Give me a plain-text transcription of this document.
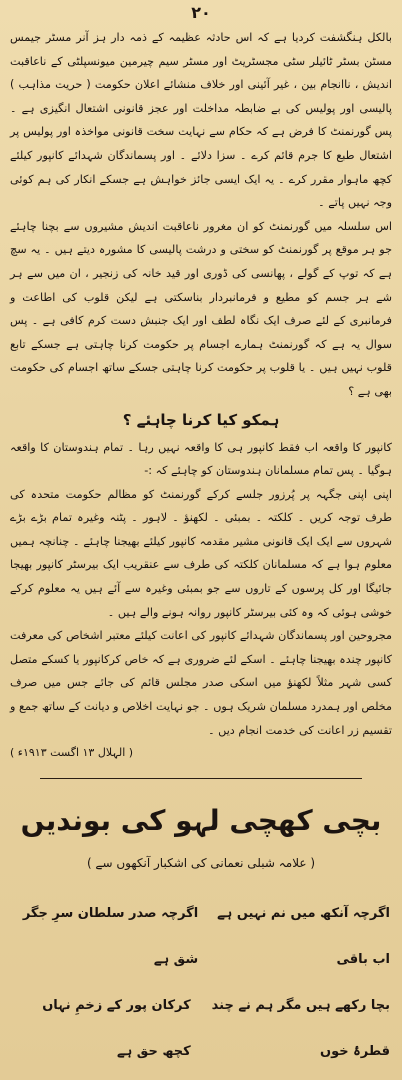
۲۰

بالکل ہنگشفت کردیا ہے کہ اس حادثہ عظیمہ کے ذمہ دار ہز آنر مسٹر جیمس مسٹن بسٹر ٹائیلر سٹی مجسٹریٹ اور مسٹر سیم چیرمین میونسپلٹی کے ناعاقبت اندیش ، ناانجام بین ، غیر آئینی اور خلاف منشائے اعلان حکومت ( حریت مذاہب ) پالیسی اور پولیس کی بے ضابطہ مداخلت اور عجز قانونی اشتعال انگیزی ہے ۔ پس گورنمنٹ کا فرض ہے کہ حکام سے نہایت سخت قانونی مواخذہ اور پولیس پر اشتعال طبع کا جرم قائم کرے ۔ سزا دلائے ۔ اور پسماندگان شہدائے کانپور کیلئے کچھ ماہوار مقرر کرے ۔ یہ ایک ایسی جائز خواہش ہے جسکے انکار کی ہم کوئی وجہ نہیں پاتے ۔

اس سلسلہ میں گورنمنٹ کو ان مغرور ناعاقبت اندیش مشیروں سے بچنا چاہئے جو ہر موقع پر گورنمنٹ کو سختی و درشت پالیسی کا مشورہ دیتے ہیں ۔ یہ سچ ہے کہ توپ کے گولے ، پھانسی کی ڈوری اور قید خانہ کی زنجیر ، ان میں سے ہر شے ہر جسم کو مطیع و فرمانبردار بناسکتی ہے لیکن قلوب کی اطاعت و فرمانبری کے لئے صرف ایک نگاہ لطف اور ایک جنبش دست کرم کافی ہے ۔ پس سوال یہ ہے کہ گورنمنٹ ہمارے اجسام پر حکومت کرنا چاہتی ہے جسکے تابع قلوب نہیں ہیں ۔ یا قلوب پر حکومت کرنا چاہتی جسکے ساتھ اجسام کی حکومت بھی ہے ؟

ہمکو کیا کرنا چاہئے ؟

کانپور کا واقعہ اب فقط کانپور ہی کا واقعہ نہیں رہا ۔ تمام ہندوستان کا واقعہ ہوگیا ۔ پس تمام مسلمانان ہندوستان کو چاہئے کہ :-

اپنی اپنی جگہہ پر پُرزور جلسے کرکے گورنمنٹ کو مظالم حکومت متحدہ کی طرف توجہ کریں ۔ کلکتہ ۔ بمبئی ۔ لکھنؤ ۔ لاہور ۔ پٹنہ وغیرہ تمام بڑے بڑے شہروں سے ایک ایک قانونی مشیر مقدمہ کانپور کیلئے بھیجنا چاہئے ۔ چنانچہ ہمیں معلوم ہوا ہے کہ مسلمانان کلکتہ کی طرف سے عنقریب ایک بیرسٹر کانپور بھیجا جائیگا اور کل پرسوں کے تاروں سے جو بمبئی وغیرہ سے آئے ہیں یہ معلوم کرکے خوشی ہوئی کہ وہ کئی بیرسٹر کانپور روانہ ہونے والے ہیں ۔

مجروحین اور پسماندگان شہدائے کانپور کی اعانت کیلئے معتبر اشخاص کی معرفت کانپور چندہ بھیجنا چاہئے ۔ اسکے لئے ضروری ہے کہ خاص کرکانپور یا کسکے متصل کسی شہر مثلاً لکھنؤ میں اسکی صدر مجلس قائم کی جائے جس میں صرف مخلص اور ہمدرد مسلمان شریک ہوں ۔ جو نہایت اخلاص و دیانت کے ساتھ جمع و تقسیم زر اعانت کی خدمت انجام دیں ۔

( الہلال ۱۳ اگست ۱۹۱۳ء )
بچی کھچی لہو کی بوندیں
( علامہ شبلی نعمانی کی اشکبار آنکھوں سے )
اگرچہ آنکھ میں نم نہیں ہے اب باقی
اگرچہ صدر سلطان سرِ جگر شق ہے
بچا رکھے ہیں مگر ہم نے چند قطرۂ خوں
کرکان پور کے زخمِ نہاں کچھ حق ہے
